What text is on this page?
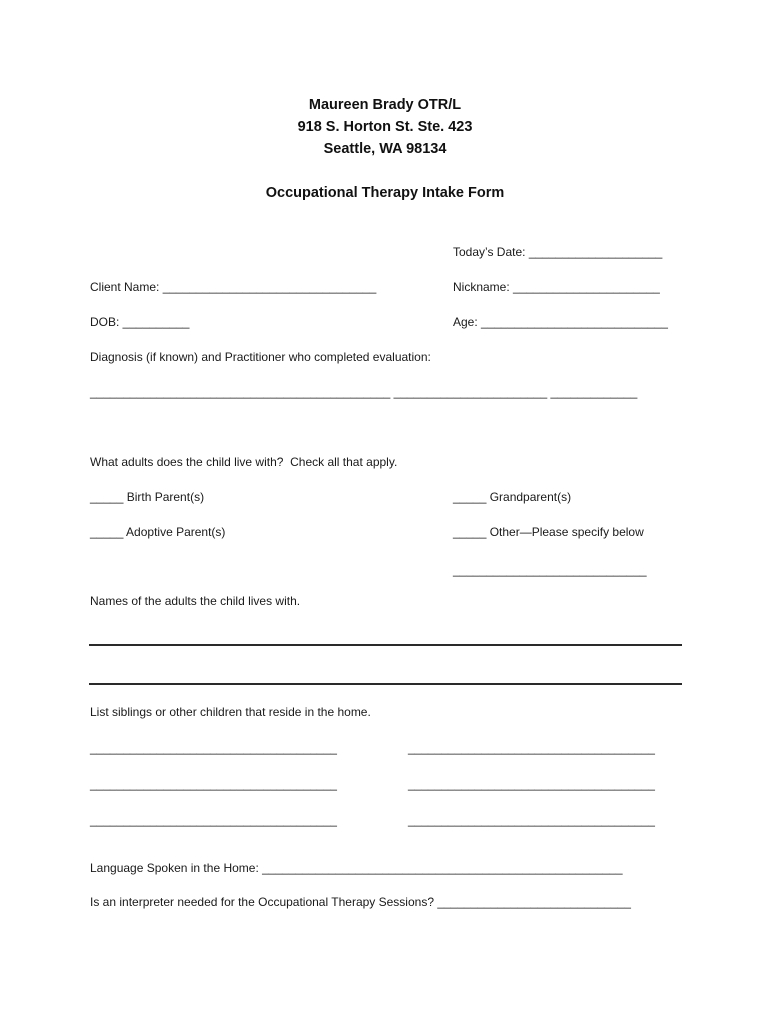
Maureen Brady OTR/L
918 S. Horton St. Ste. 423
Seattle, WA 98134
Occupational Therapy Intake Form
Today’s Date: ____________________
Client Name: ________________________________	Nickname: ______________________
DOB: __________	Age: ____________________________
Diagnosis (if known) and Practitioner who completed evaluation:
_____________________________________________ _______________________ _____________
What adults does the child live with?  Check all that apply.
_____ Birth Parent(s)	_____ Grandparent(s)
_____ Adoptive Parent(s)	_____ Other—Please specify below
_____________________________
Names of the adults the child lives with.
List siblings or other children that reside in the home.
_____________________________________	_____________________________________
_____________________________________	_____________________________________
_____________________________________	_____________________________________
Language Spoken in the Home: ______________________________________________________
Is an interpreter needed for the Occupational Therapy Sessions? _____________________________
